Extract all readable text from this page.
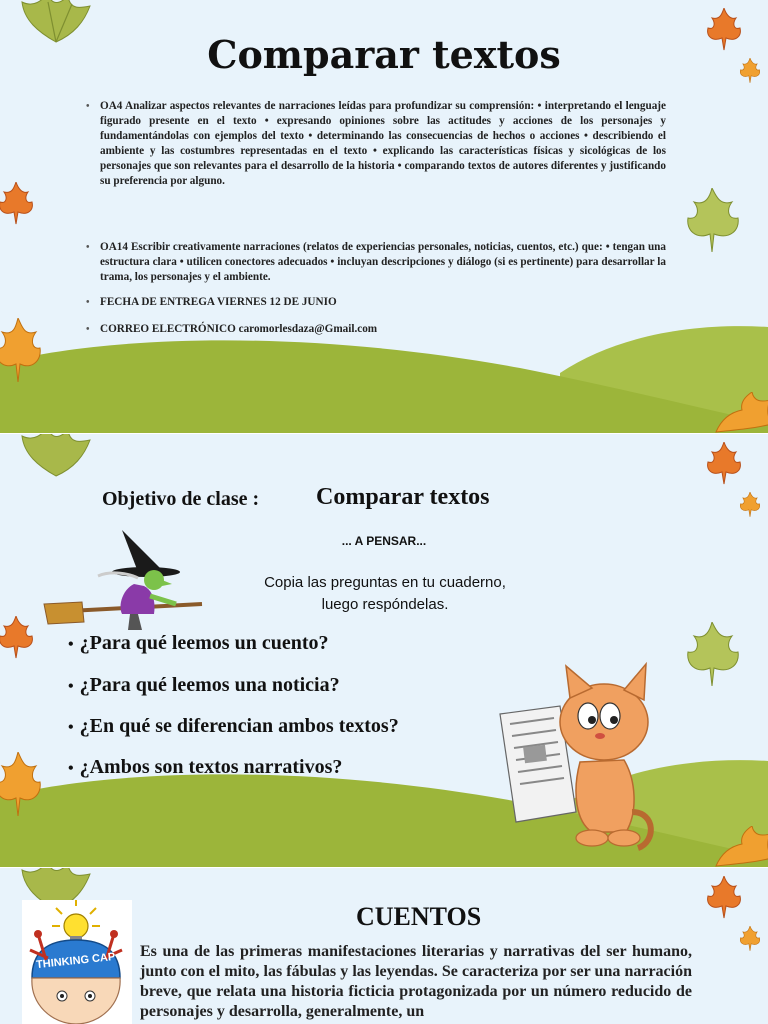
Comparar textos
• OA4 Analizar aspectos relevantes de narraciones leídas para profundizar su comprensión: • interpretando el lenguaje figurado presente en el texto • expresando opiniones sobre las actitudes y acciones de los personajes y fundamentándolas con ejemplos del texto • determinando las consecuencias de hechos o acciones • describiendo el ambiente y las costumbres representadas en el texto • explicando las características físicas y sicológicas de los personajes que son relevantes para el desarrollo de la historia • comparando textos de autores diferentes y justificando su preferencia por alguno.
• OA14 Escribir creativamente narraciones (relatos de experiencias personales, noticias, cuentos, etc.) que: • tengan una estructura clara • utilicen conectores adecuados • incluyan descripciones y diálogo (si es pertinente) para desarrollar la trama, los personajes y el ambiente.
• FECHA DE ENTREGA VIERNES 12 DE JUNIO
• CORREO ELECTRÓNICO caromorlesdaza@Gmail.com
Objetivo de clase : Comparar textos
... A PENSAR...
Copia las preguntas en tu cuaderno,
luego respóndelas.
• ¿Para qué leemos un cuento?
• ¿Para qué leemos una noticia?
• ¿En qué se diferencian ambos textos?
• ¿Ambos son textos narrativos?
THINKING CAP
CUENTOS
Es una de las primeras manifestaciones literarias y narrativas del ser humano, junto con el mito, las fábulas y las leyendas. Se caracteriza por ser una narración breve, que relata una historia ficticia protagonizada por un número reducido de personajes y desarrolla, generalmente, un
